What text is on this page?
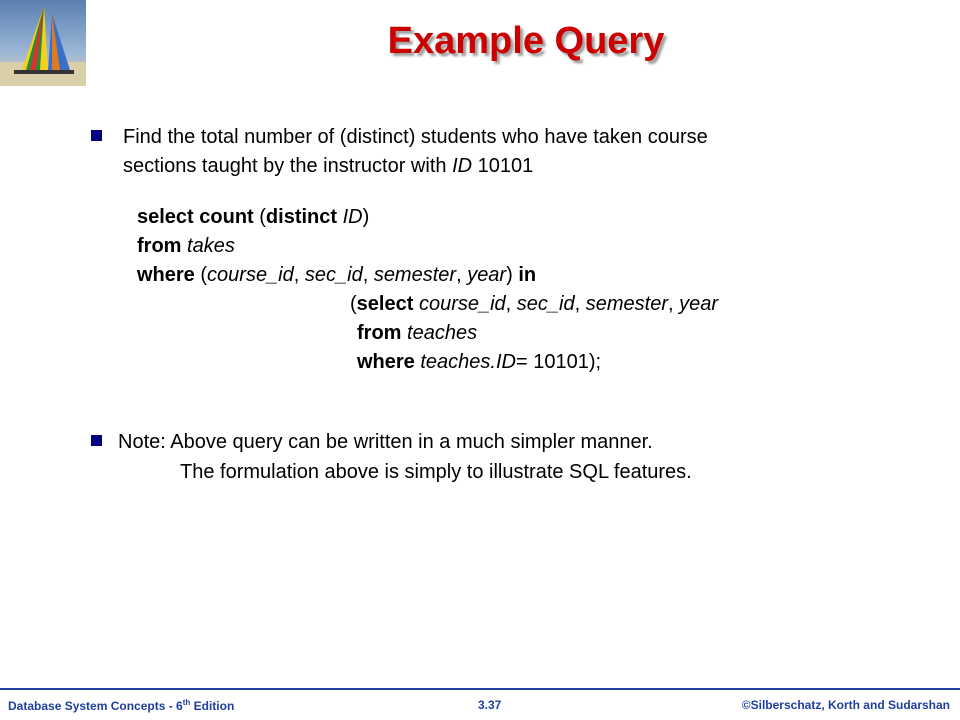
Example Query
Find the total number of (distinct) students who have taken course
sections taught by the instructor with ID 10101
select count (distinct ID)
from takes
where (course_id, sec_id, semester, year) in
(select course_id, sec_id, semester, year
from teaches
where teaches.ID= 10101);
Note: Above query can be written in a much simpler manner.
The formulation above is simply to illustrate SQL features.
Database System Concepts - 6th Edition	3.37	©Silberschatz, Korth and Sudarshan
